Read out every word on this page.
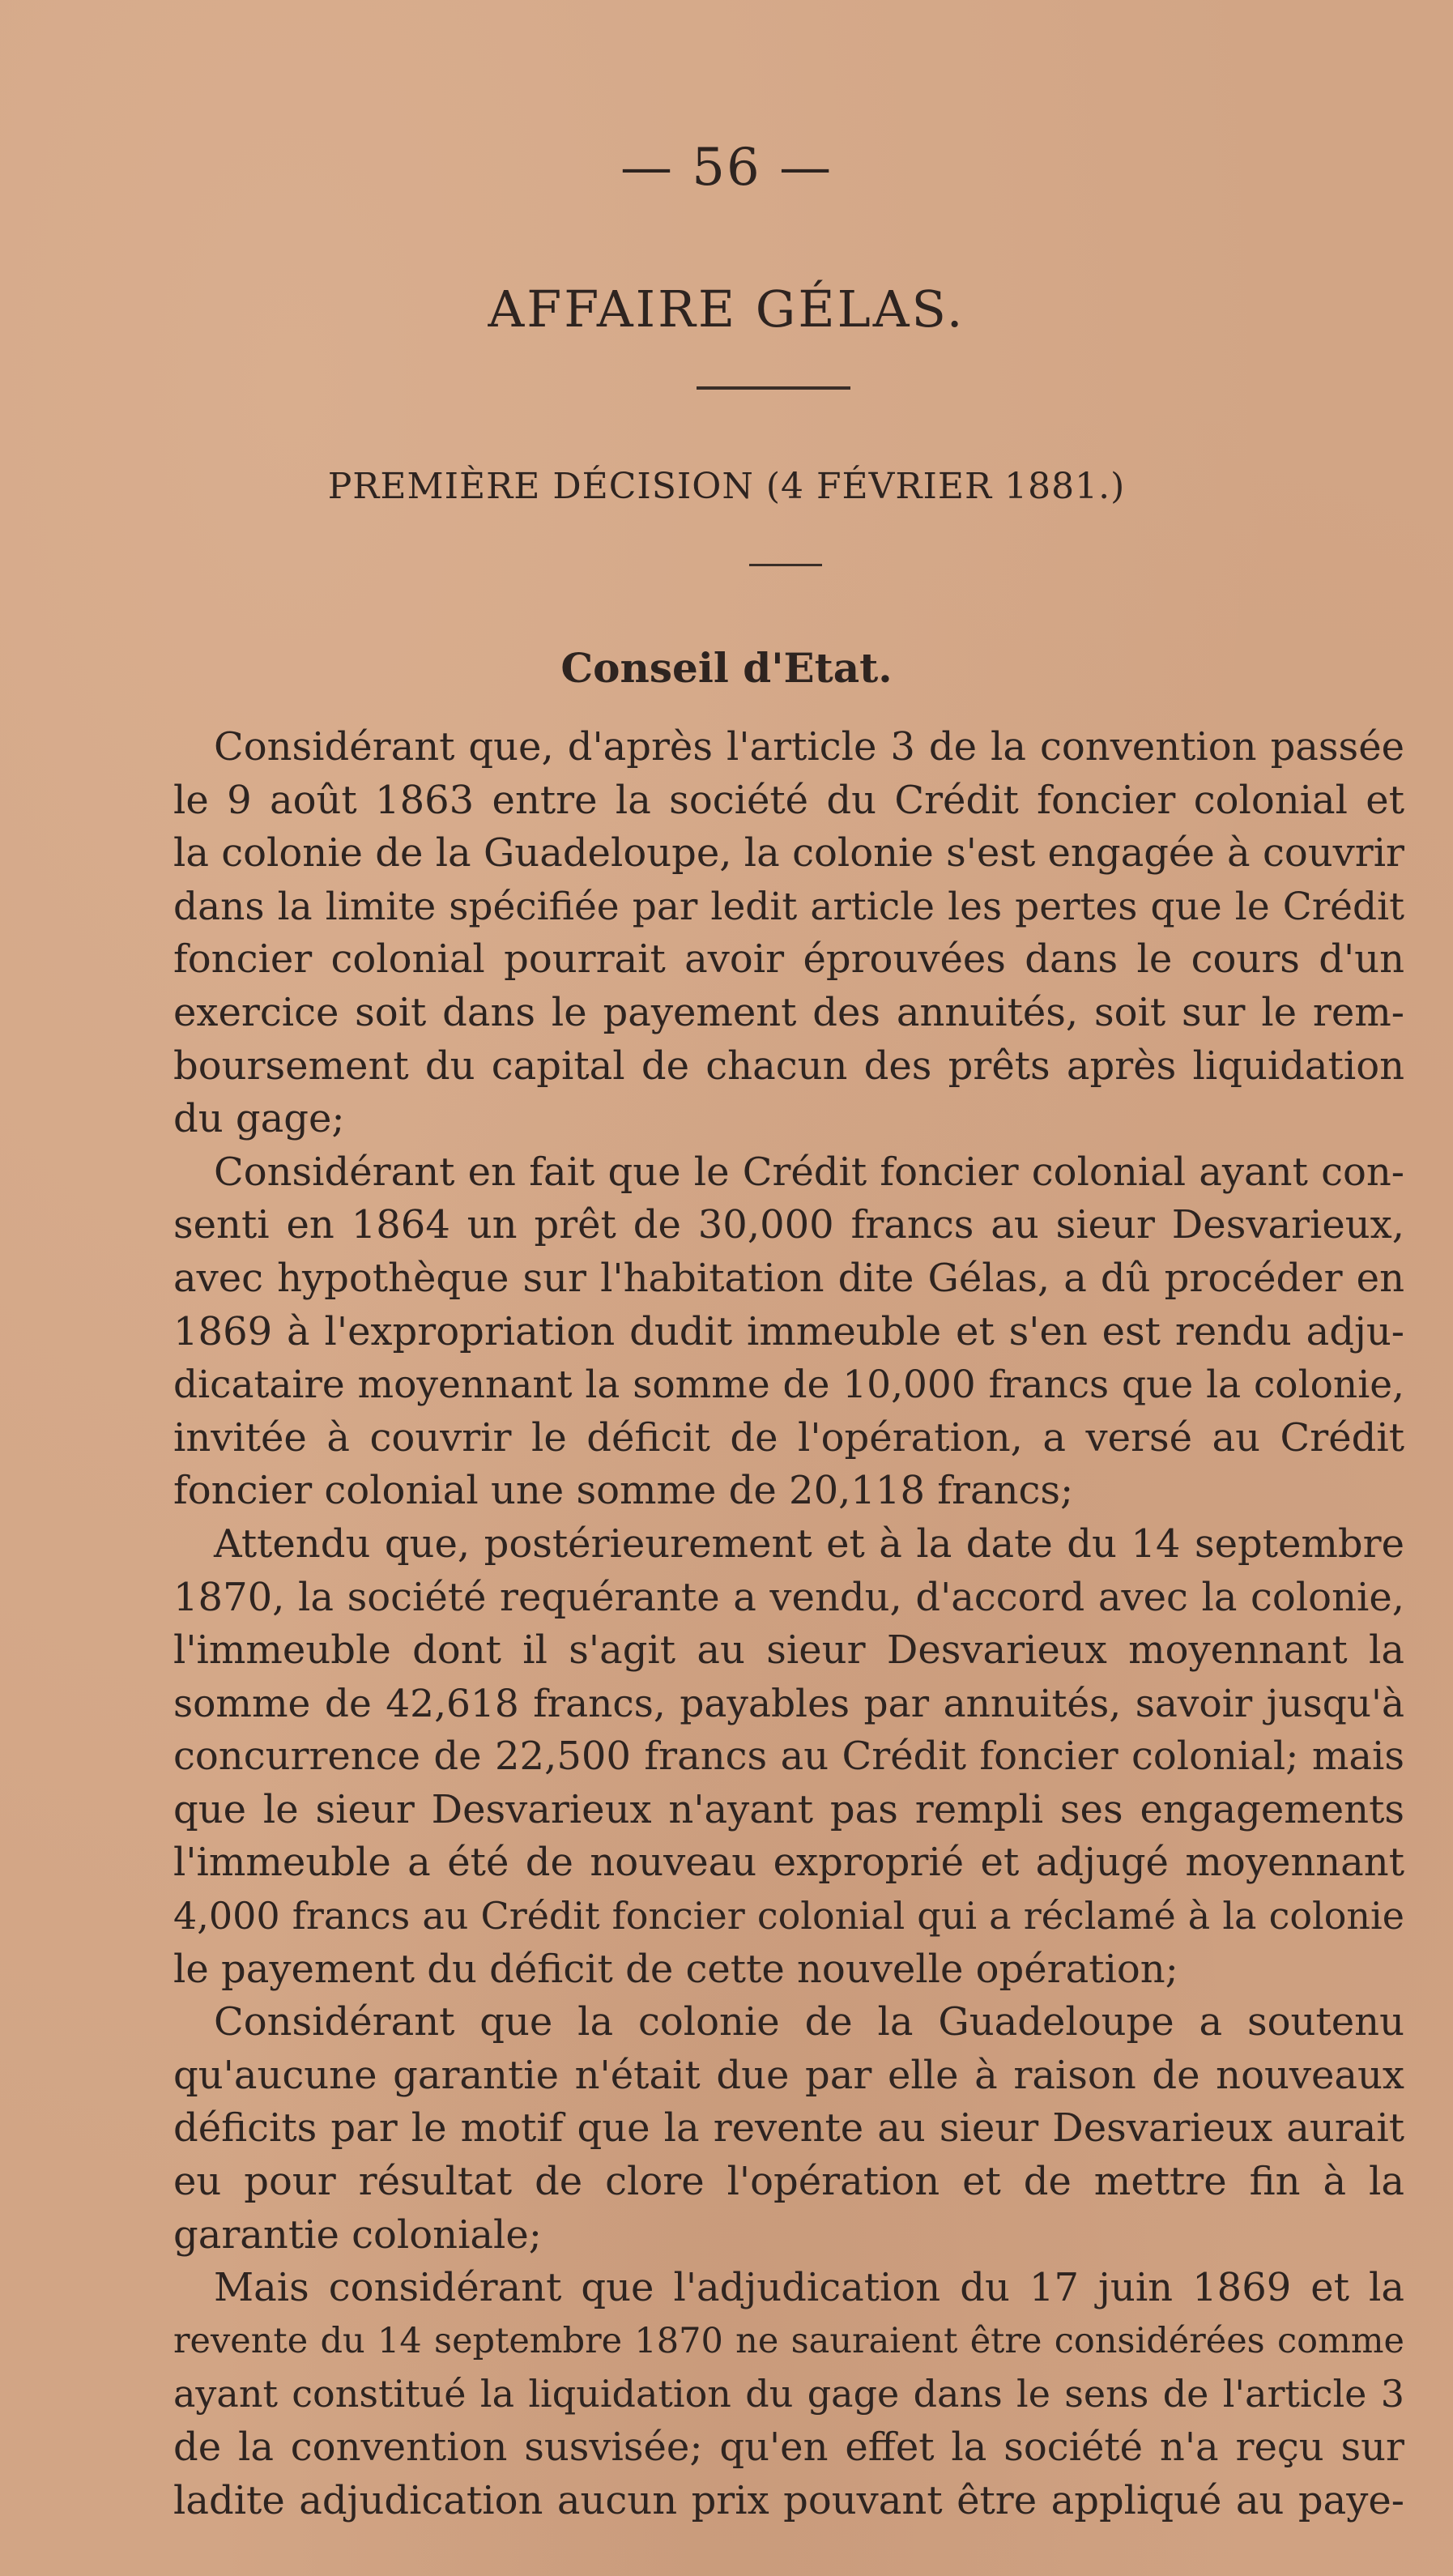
— 56 —
AFFAIRE GÉLAS.
PREMIÈRE DÉCISION (4 FÉVRIER 1881.)
Conseil d'Etat.
Considérant que, d'après l'article 3 de la convention passée
le 9 août 1863 entre la société du Crédit foncier colonial et
la colonie de la Guadeloupe, la colonie s'est engagée à couvrir
dans la limite spécifiée par ledit article les pertes que le Crédit
foncier colonial pourrait avoir éprouvées dans le cours d'un
exercice soit dans le payement des annuités, soit sur le rem-
boursement du capital de chacun des prêts après liquidation
du gage;
Considérant en fait que le Crédit foncier colonial ayant con-
senti en 1864 un prêt de 30,000 francs au sieur Desvarieux,
avec hypothèque sur l'habitation dite Gélas, a dû procéder en
1869 à l'expropriation dudit immeuble et s'en est rendu adju-
dicataire moyennant la somme de 10,000 francs que la colonie,
invitée à couvrir le déficit de l'opération, a versé au Crédit
foncier colonial une somme de 20,118 francs;
Attendu que, postérieurement et à la date du 14 septembre
1870, la société requérante a vendu, d'accord avec la colonie,
l'immeuble dont il s'agit au sieur Desvarieux moyennant la
somme de 42,618 francs, payables par annuités, savoir jusqu'à
concurrence de 22,500 francs au Crédit foncier colonial; mais
que le sieur Desvarieux n'ayant pas rempli ses engagements
l'immeuble a été de nouveau exproprié et adjugé moyennant
4,000 francs au Crédit foncier colonial qui a réclamé à la colonie
le payement du déficit de cette nouvelle opération;
Considérant que la colonie de la Guadeloupe a soutenu
qu'aucune garantie n'était due par elle à raison de nouveaux
déficits par le motif que la revente au sieur Desvarieux aurait
eu pour résultat de clore l'opération et de mettre fin à la
garantie coloniale;
Mais considérant que l'adjudication du 17 juin 1869 et la
revente du 14 septembre 1870 ne sauraient être considérées comme
ayant constitué la liquidation du gage dans le sens de l'article 3
de la convention susvisée; qu'en effet la société n'a reçu sur
ladite adjudication aucun prix pouvant être appliqué au paye-
